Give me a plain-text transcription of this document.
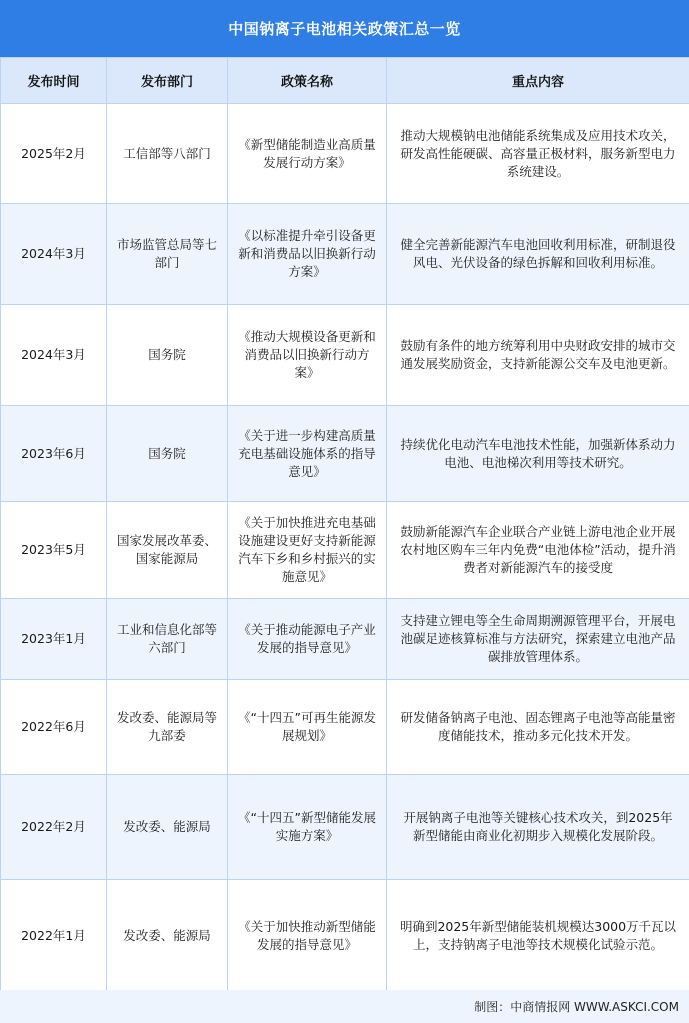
中国钠离子电池相关政策汇总一览
发布时间	发布部门	政策名称	重点内容
2025年2月	工信部等八部门	《新型储能制造业高质量发展行动方案》	推动大规模钠电池储能系统集成及应用技术攻关，研发高性能硬碳、高容量正极材料，服务新型电力系统建设。
2024年3月	市场监管总局等七部门	《以标准提升牵引设备更新和消费品以旧换新行动方案》	健全完善新能源汽车电池回收利用标准，研制退役风电、光伏设备的绿色拆解和回收利用标准。
2024年3月	国务院	《推动大规模设备更新和消费品以旧换新行动方案》	鼓励有条件的地方统筹利用中央财政安排的城市交通发展奖励资金，支持新能源公交车及电池更新。
2023年6月	国务院	《关于进一步构建高质量充电基础设施体系的指导意见》	持续优化电动汽车电池技术性能，加强新体系动力电池、电池梯次利用等技术研究。
2023年5月	国家发展改革委、国家能源局	《关于加快推进充电基础设施建设更好支持新能源汽车下乡和乡村振兴的实施意见》	鼓励新能源汽车企业联合产业链上游电池企业开展农村地区购车三年内免费“电池体检”活动，提升消费者对新能源汽车的接受度
2023年1月	工业和信息化部等六部门	《关于推动能源电子产业发展的指导意见》	支持建立锂电等全生命周期溯源管理平台，开展电池碳足迹核算标准与方法研究，探索建立电池产品碳排放管理体系。
2022年6月	发改委、能源局等九部委	《“十四五”可再生能源发展规划》	研发储备钠离子电池、固态锂离子电池等高能量密度储能技术，推动多元化技术开发。
2022年2月	发改委、能源局	《“十四五”新型储能发展实施方案》	开展钠离子电池等关键核心技术攻关，到2025年新型储能由商业化初期步入规模化发展阶段。
2022年1月	发改委、能源局	《关于加快推动新型储能发展的指导意见》	明确到2025年新型储能装机规模达3000万千瓦以上，支持钠离子电池等技术规模化试验示范。
制图：中商情报网 WWW.ASKCI.COM
